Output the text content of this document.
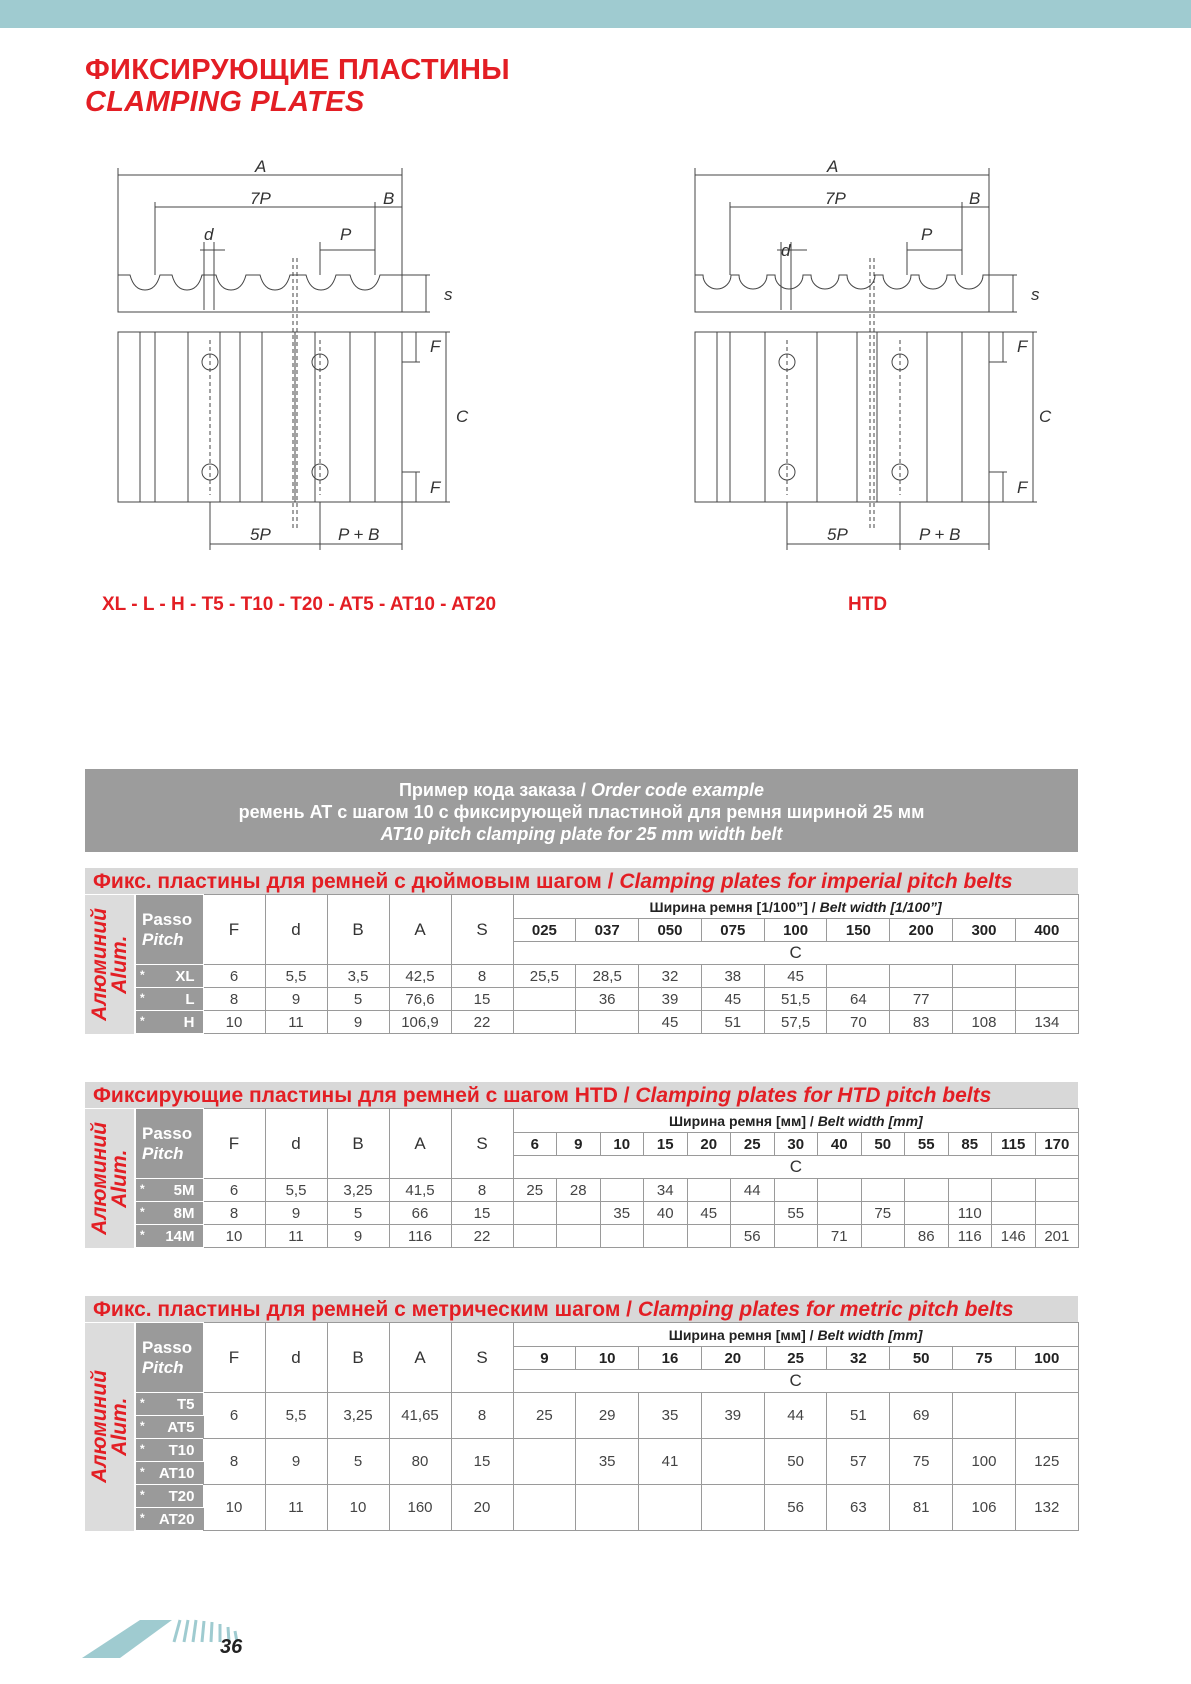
ФИКСИРУЮЩИЕ ПЛАСТИНЫ
CLAMPING PLATES
A
7P	B
d	P
s
F
C
F
5P	P + B
A
7P	B
d
P
s
F
C
F
5P	P + B
XL - L - H - T5 - T10 - T20 - AT5 - AT10 - AT20	HTD
Пример кода заказа / Order code example
ремень AT с шагом 10 с фиксирующей пластиной для ремня шириной 25 мм
AT10 pitch clamping plate for 25 mm width belt
Фикс. пластины для ремней с дюймовым шагом / Clamping plates for imperial pitch belts
Алюминий
Alum.	Passo
Pitch	F	d	B	A	S	Ширина ремня [1/100”] / Belt width [1/100”]								
							025	037	050	075	100	150	200	300	400
							C								

	* XL	6	5,5	3,5	42,5	8	25,5	28,5	32	38	45				

	* L	8	9	5	76,6	15		36	39	45	51,5	64	77		

	* H	10	11	9	106,9	22			45	51	57,5	70	83	108	134
Фиксирующие пластины для ремней с шагом HTD / Clamping plates for HTD pitch belts
Алюминий
Alum.	Passo
Pitch	F	d	B	A	S	Ширина ремня [мм] / Belt width [mm]												
							6	9	10	15	20	25	30	40	50	55	85	115	170
							C												

	* 5M	6	5,5	3,25	41,5	8	25	28		34		44							

	* 8M	8	9	5	66	15			35	40	45		55		75		110		

	* 14M	10	11	9	116	22						56		71		86	116	146	201
Фикс. пластины для ремней с метрическим шагом / Clamping plates for metric pitch belts
Алюминий
Alum.	Passo
Pitch	F	d	B	A	S	Ширина ремня [мм] / Belt width [mm]								
							9	10	16	20	25	32	50	75	100
							C								

	* T5	6	5,5	3,25	41,65	8	25	29	35	39	44	51	69		

	* AT5														

	* T10	8	9	5	80	15		35	41		50	57	75	100	125

	* AT10														

	* T20	10	11	10	160	20					56	63	81	106	132

	* AT20														
36
